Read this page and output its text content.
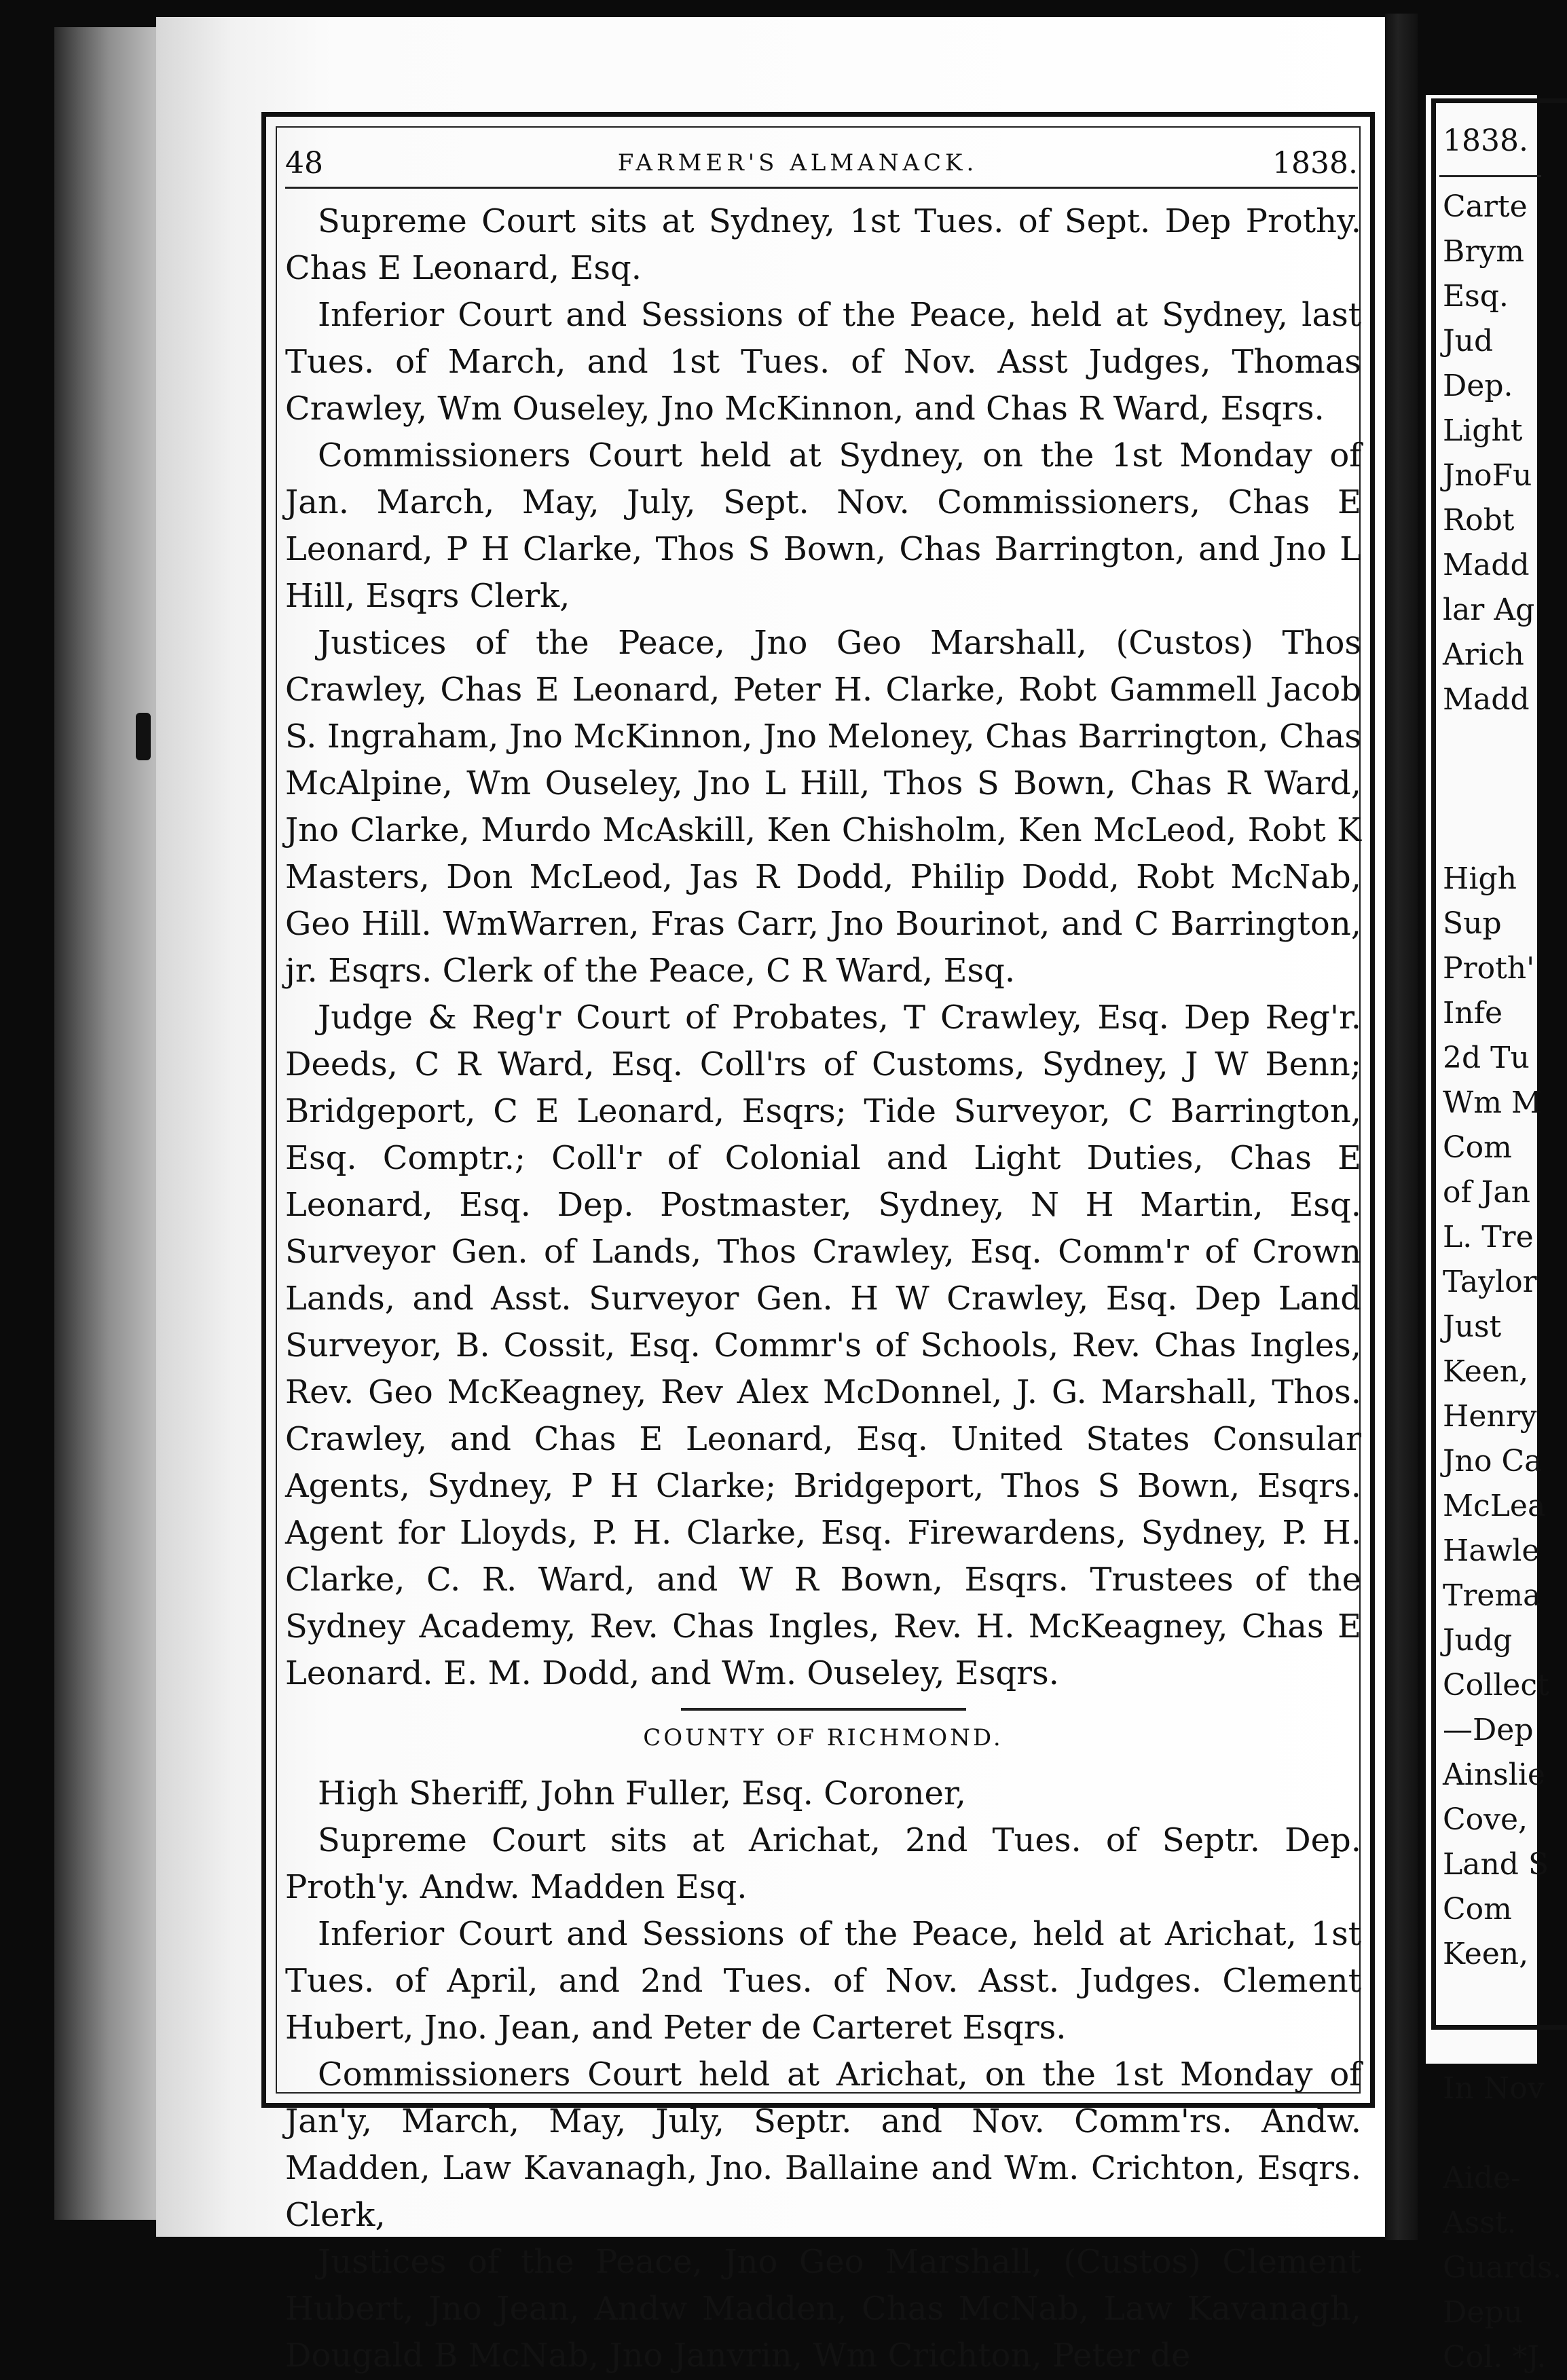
48	FARMER'S ALMANACK.	1838.

Supreme Court sits at Sydney, 1st Tues. of Sept. Dep Prothy. Chas E Leonard, Esq.

Inferior Court and Sessions of the Peace, held at Sydney, last Tues. of March, and 1st Tues. of Nov. Asst Judges, Thomas Crawley, Wm Ouseley, Jno McKinnon, and Chas R Ward, Esqrs.

Commissioners Court held at Sydney, on the 1st Monday of Jan. March, May, July, Sept. Nov. Commissioners, Chas E Leonard, P H Clarke, Thos S Bown, Chas Barrington, and Jno L Hill, Esqrs Clerk,

Justices of the Peace, Jno Geo Marshall, (Custos) Thos Crawley, Chas E Leonard, Peter H. Clarke, Robt Gammell Jacob S. Ingraham, Jno McKinnon, Jno Meloney, Chas Barrington, Chas McAlpine, Wm Ouseley, Jno L Hill, Thos S Bown, Chas R Ward, Jno Clarke, Murdo McAskill, Ken Chisholm, Ken McLeod, Robt K Masters, Don McLeod, Jas R Dodd, Philip Dodd, Robt McNab, Geo Hill. WmWarren, Fras Carr, Jno Bourinot, and C Barrington, jr. Esqrs. Clerk of the Peace, C R Ward, Esq.

Judge & Reg'r Court of Probates, T Crawley, Esq. Dep Reg'r. Deeds, C R Ward, Esq. Coll'rs of Customs, Sydney, J W Benn; Bridgeport, C E Leonard, Esqrs; Tide Surveyor, C Barrington, Esq. Comptr.; Coll'r of Colonial and Light Duties, Chas E Leonard, Esq. Dep. Postmaster, Sydney, N H Martin, Esq. Surveyor Gen. of Lands, Thos Crawley, Esq. Comm'r of Crown Lands, and Asst. Surveyor Gen. H W Crawley, Esq. Dep Land Surveyor, B. Cossit, Esq. Commr's of Schools, Rev. Chas Ingles, Rev. Geo McKeagney, Rev Alex McDonnel, J. G. Marshall, Thos. Crawley, and Chas E Leonard, Esq. United States Consular Agents, Sydney, P H Clarke; Bridgeport, Thos S Bown, Esqrs. Agent for Lloyds, P. H. Clarke, Esq. Firewardens, Sydney, P. H. Clarke, C. R. Ward, and W R Bown, Esqrs. Trustees of the Sydney Academy, Rev. Chas Ingles, Rev. H. McKeagney, Chas E Leonard. E. M. Dodd, and Wm. Ouseley, Esqrs.

COUNTY OF RICHMOND.

High Sheriff, John Fuller, Esq. Coroner,

Supreme Court sits at Arichat, 2nd Tues. of Septr. Dep. Proth'y. Andw. Madden Esq.

Inferior Court and Sessions of the Peace, held at Arichat, 1st Tues. of April, and 2nd Tues. of Nov. Asst. Judges. Clement Hubert, Jno. Jean, and Peter de Carteret Esqrs.

Commissioners Court held at Arichat, on the 1st Monday of Jan'y, March, May, July, Septr. and Nov. Comm'rs. Andw. Madden, Law Kavanagh, Jno. Ballaine and Wm. Crichton, Esqrs. Clerk,

Justices of the Peace, Jno Geo Marshall, (Custos) Clement Hubert, Jno Jean, Andw Madden, Chas McNab, Law Kavanagh, Dougald B McNab, Jno Janvrin, Wm Crichton, Peter de

1838.
Carte
Brym
Esq.
Jud
Dep.
Light
JnoFu
Robt
Madd
lar Ag
Arich
Madd
High
Sup
Proth'
Infe
2d Tu
Wm M
Com
of Jan
L. Tre
Taylor
Just
Keen,
Henry
Jno Ca
McLea
Hawle
Trema
Judg
Collect
—Dep
Ainslie
Cove,
Land S
Com
Keen,
In Nov
Aide-
Asst.
Guards.
Depu
Col. *J.
